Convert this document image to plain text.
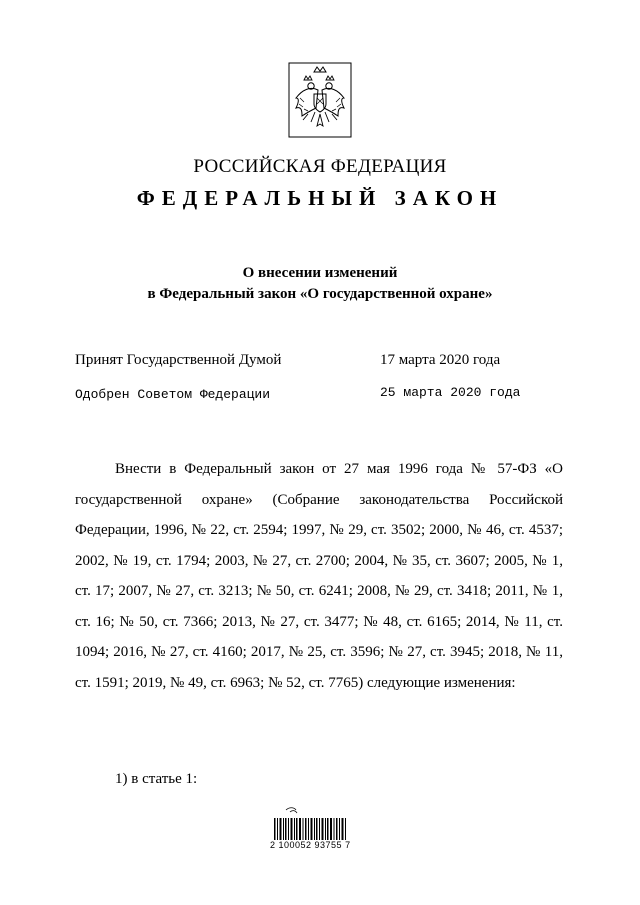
РОССИЙСКАЯ ФЕДЕРАЦИЯ
ФЕДЕРАЛЬНЫЙ ЗАКОН
О внесении изменений
в Федеральный закон «О государственной охране»
Принят Государственной Думой	17 марта 2020 года
Одобрен Советом Федерации	25 марта 2020 года

Внести в Федеральный закон от 27 мая 1996 года № 57-ФЗ «О государственной охране» (Собрание законодательства Российской Федерации, 1996, № 22, ст. 2594; 1997, № 29, ст. 3502; 2000, № 46, ст. 4537; 2002, № 19, ст. 1794; 2003, № 27, ст. 2700; 2004, № 35, ст. 3607; 2005, № 1, ст. 17; 2007, № 27, ст. 3213; № 50, ст. 6241; 2008, № 29, ст. 3418; 2011, № 1, ст. 16; № 50, ст. 7366; 2013, № 27, ст. 3477; № 48, ст. 6165; 2014, № 11, ст. 1094; 2016, № 27, ст. 4160; 2017, № 25, ст. 3596; № 27, ст. 3945; 2018, № 11, ст. 1591; 2019, № 49, ст. 6963; № 52, ст. 7765) следующие изменения:

1) в статье 1:
2 100052 93755 7
